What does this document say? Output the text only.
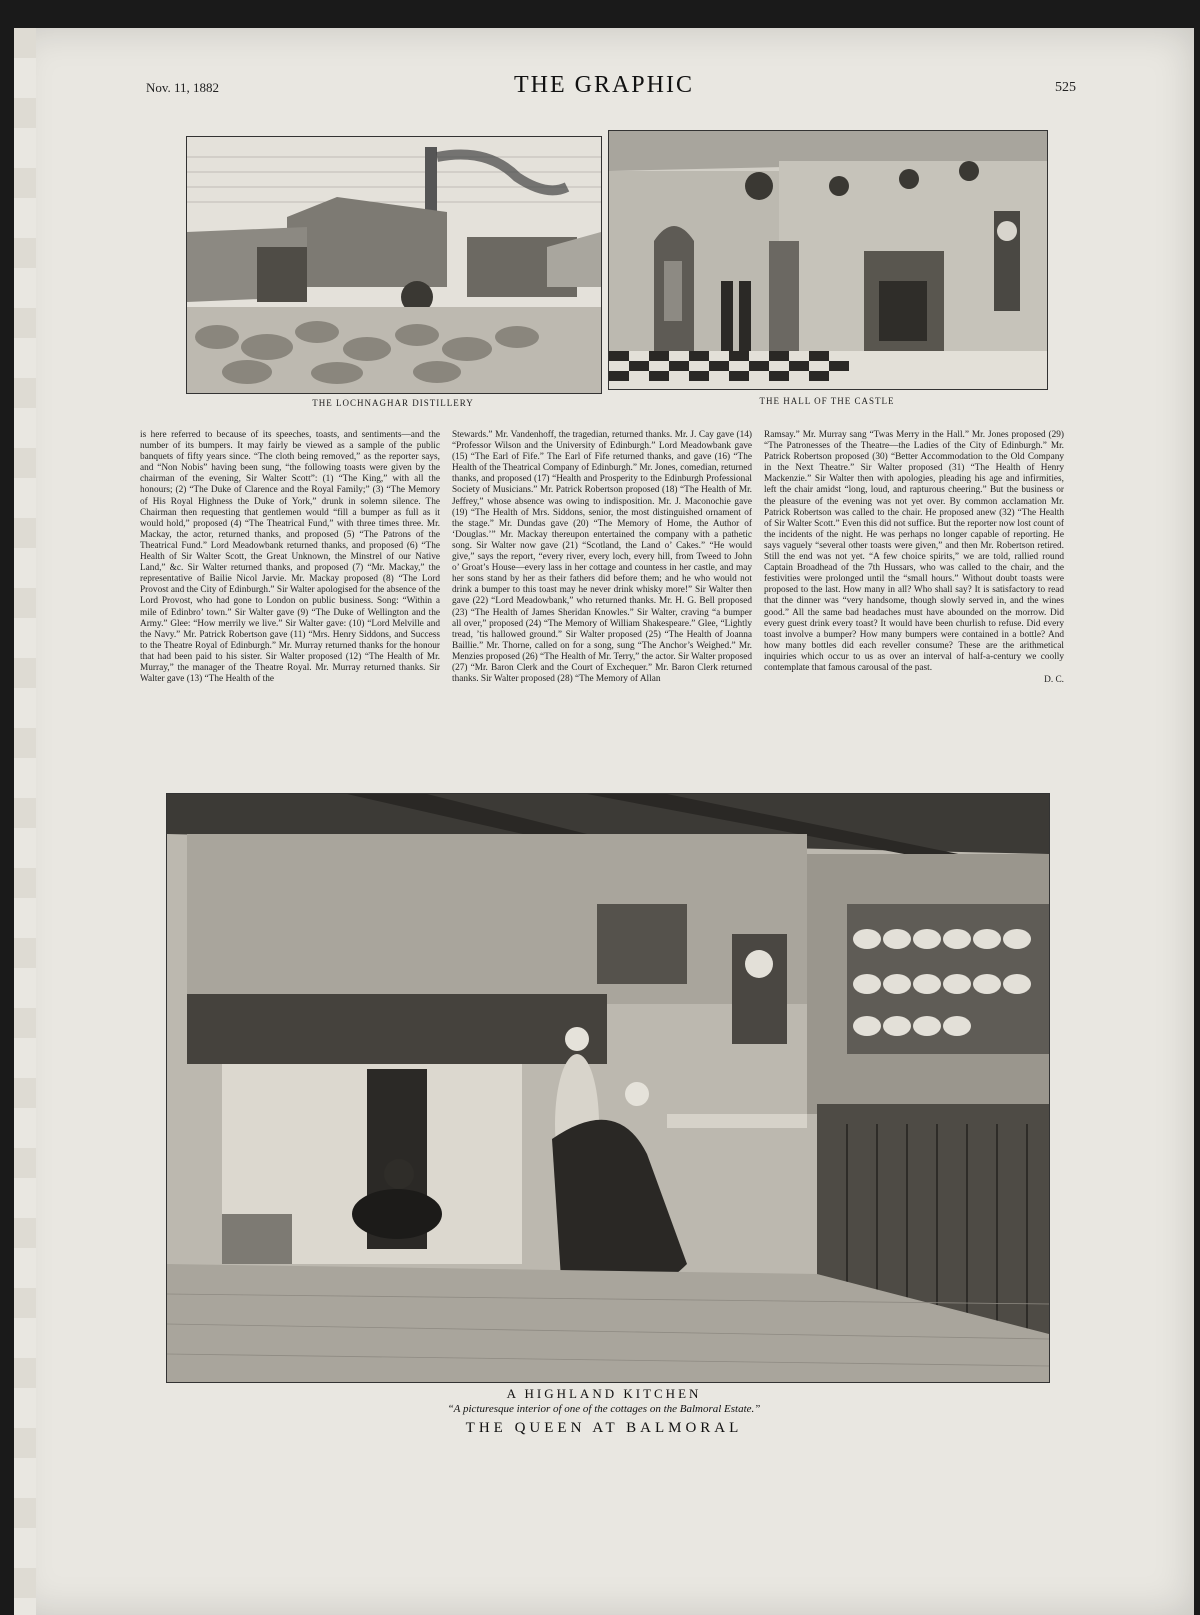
Nov. 11, 1882	THE GRAPHIC	525
THE LOCHNAGHAR DISTILLERY	THE HALL OF THE CASTLE

is here referred to because of its speeches, toasts, and sentiments—and the number of its bumpers. It may fairly be viewed as a sample of the public banquets of fifty years since. “The cloth being removed,” as the reporter says, and “Non Nobis” having been sung, “the following toasts were given by the chairman of the evening, Sir Walter Scott”: (1) “The King,” with all the honours; (2) “The Duke of Clarence and the Royal Family;” (3) “The Memory of His Royal Highness the Duke of York,” drunk in solemn silence. The Chairman then requesting that gentlemen would “fill a bumper as full as it would hold,” proposed (4) “The Theatrical Fund,” with three times three. Mr. Mackay, the actor, returned thanks, and proposed (5) “The Patrons of the Theatrical Fund.” Lord Meadowbank returned thanks, and proposed (6) “The Health of Sir Walter Scott, the Great Unknown, the Minstrel of our Native Land,” &c. Sir Walter returned thanks, and proposed (7) “Mr. Mackay,” the representative of Bailie Nicol Jarvie. Mr. Mackay proposed (8) “The Lord Provost and the City of Edinburgh.” Sir Walter apologised for the absence of the Lord Provost, who had gone to London on public business. Song: “Within a mile of Edinbro’ town.” Sir Walter gave (9) “The Duke of Wellington and the Army.” Glee: “How merrily we live.” Sir Walter gave: (10) “Lord Melville and the Navy.” Mr. Patrick Robertson gave (11) “Mrs. Henry Siddons, and Success to the Theatre Royal of Edinburgh.” Mr. Murray returned thanks for the honour that had been paid to his sister. Sir Walter proposed (12) “The Health of Mr. Murray,” the manager of the Theatre Royal. Mr. Murray returned thanks. Sir Walter gave (13) “The Health of the

Stewards.” Mr. Vandenhoff, the tragedian, returned thanks. Mr. J. Cay gave (14) “Professor Wilson and the University of Edinburgh.” Lord Meadowbank gave (15) “The Earl of Fife.” The Earl of Fife returned thanks, and gave (16) “The Health of the Theatrical Company of Edinburgh.” Mr. Jones, comedian, returned thanks, and proposed (17) “Health and Prosperity to the Edinburgh Professional Society of Musicians.” Mr. Patrick Robertson proposed (18) “The Health of Mr. Jeffrey,” whose absence was owing to indisposition. Mr. J. Maconochie gave (19) “The Health of Mrs. Siddons, senior, the most distinguished ornament of the stage.” Mr. Dundas gave (20) “The Memory of Home, the Author of ‘Douglas.’” Mr. Mackay thereupon entertained the company with a pathetic song. Sir Walter now gave (21) “Scotland, the Land o’ Cakes.” “He would give,” says the report, “every river, every loch, every hill, from Tweed to John o’ Groat’s House—every lass in her cottage and countess in her castle, and may her sons stand by her as their fathers did before them; and he who would not drink a bumper to this toast may he never drink whisky more!” Sir Walter then gave (22) “Lord Meadowbank,” who returned thanks. Mr. H. G. Bell proposed (23) “The Health of James Sheridan Knowles.” Sir Walter, craving “a bumper all over,” proposed (24) “The Memory of William Shakespeare.” Glee, “Lightly tread, ’tis hallowed ground.” Sir Walter proposed (25) “The Health of Joanna Baillie.” Mr. Thorne, called on for a song, sung “The Anchor’s Weighed.” Mr. Menzies proposed (26) “The Health of Mr. Terry,” the actor. Sir Walter proposed (27) “Mr. Baron Clerk and the Court of Exchequer.” Mr. Baron Clerk returned thanks. Sir Walter proposed (28) “The Memory of Allan

Ramsay.” Mr. Murray sang “Twas Merry in the Hall.” Mr. Jones proposed (29) “The Patronesses of the Theatre—the Ladies of the City of Edinburgh.” Mr. Patrick Robertson proposed (30) “Better Accommodation to the Old Company in the Next Theatre.” Sir Walter proposed (31) “The Health of Henry Mackenzie.” Sir Walter then with apologies, pleading his age and infirmities, left the chair amidst “long, loud, and rapturous cheering.” But the business or the pleasure of the evening was not yet over. By common acclamation Mr. Patrick Robertson was called to the chair. He proposed anew (32) “The Health of Sir Walter Scott.” Even this did not suffice. But the reporter now lost count of the incidents of the night. He was perhaps no longer capable of reporting. He says vaguely “several other toasts were given,” and then Mr. Robertson retired. Still the end was not yet. “A few choice spirits,” we are told, rallied round Captain Broadhead of the 7th Hussars, who was called to the chair, and the festivities were prolonged until the “small hours.” Without doubt toasts were proposed to the last. How many in all? Who shall say? It is satisfactory to read that the dinner was “very handsome, though slowly served in, and the wines good.” All the same bad headaches must have abounded on the morrow. Did every guest drink every toast? It would have been churlish to refuse. Did every toast involve a bumper? How many bumpers were contained in a bottle? And how many bottles did each reveller consume? These are the arithmetical inquiries which occur to us as over an interval of half-a-century we coolly contemplate that famous carousal of the past.

D. C.

A HIGHLAND KITCHEN
“A picturesque interior of one of the cottages on the Balmoral Estate.”
THE QUEEN AT BALMORAL
